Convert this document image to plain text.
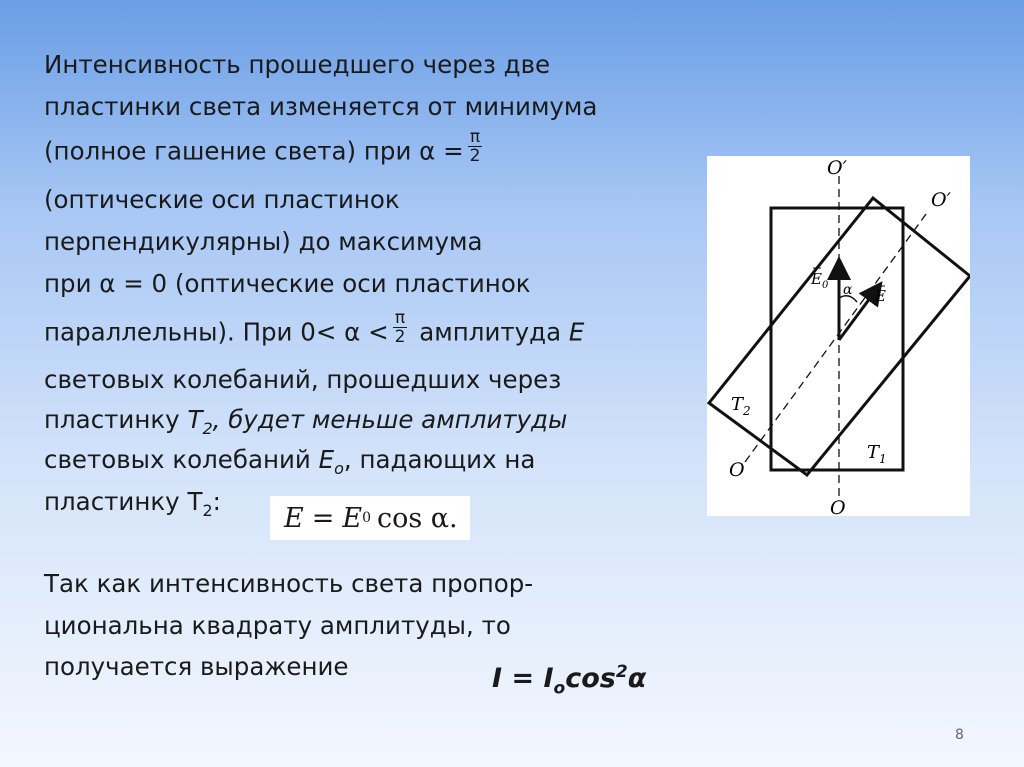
Интенсивность прошедшего через две
пластинки света изменяется от минимума
(полное гашение света) при $\alpha = \frac{\pi}{2}$
(оптические оси пластинок
перпендикулярны) до максимума
при α = 0 (оптические оси пластинок
параллельны). При $0< \alpha < \frac{\pi}{2}$ амплитуда E
световых колебаний, прошедших через
пластинку $T_2$, будет меньше амплитуды
световых колебаний $E_o$, падающих на
пластинку $T_2$:
E = E 0 cos α.
Так как интенсивность света пропор-
циональна квадрату амплитуды, то
получается выражение	$I = I_o\cos^2\alpha$
O′
O′
O
O
$E_0$
E
α
$T_1$
$T_2$
8
